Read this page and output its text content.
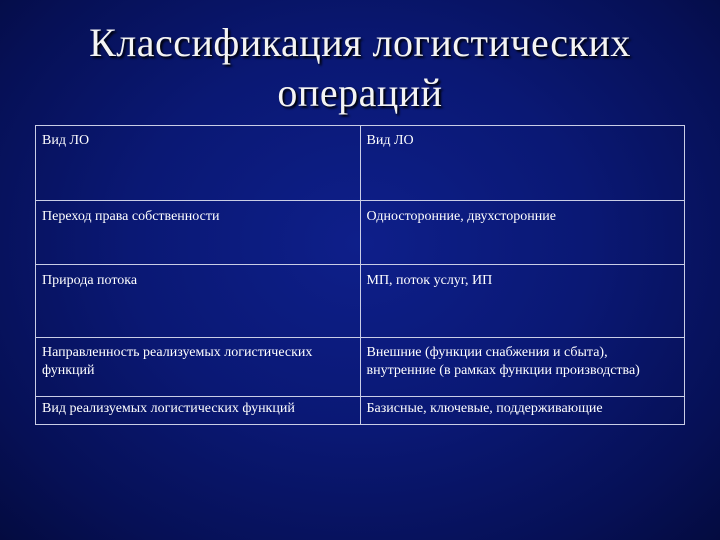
Классификация логистических
операций
Вид ЛО	Вид ЛО
Переход права собственности	Односторонние, двухсторонние
Природа потока	МП, поток услуг, ИП
Направленность реализуемых логистических функций	Внешние (функции снабжения и сбыта), внутренние (в рамках функции производства)
Вид реализуемых логистических функций	Базисные, ключевые, поддерживающие
